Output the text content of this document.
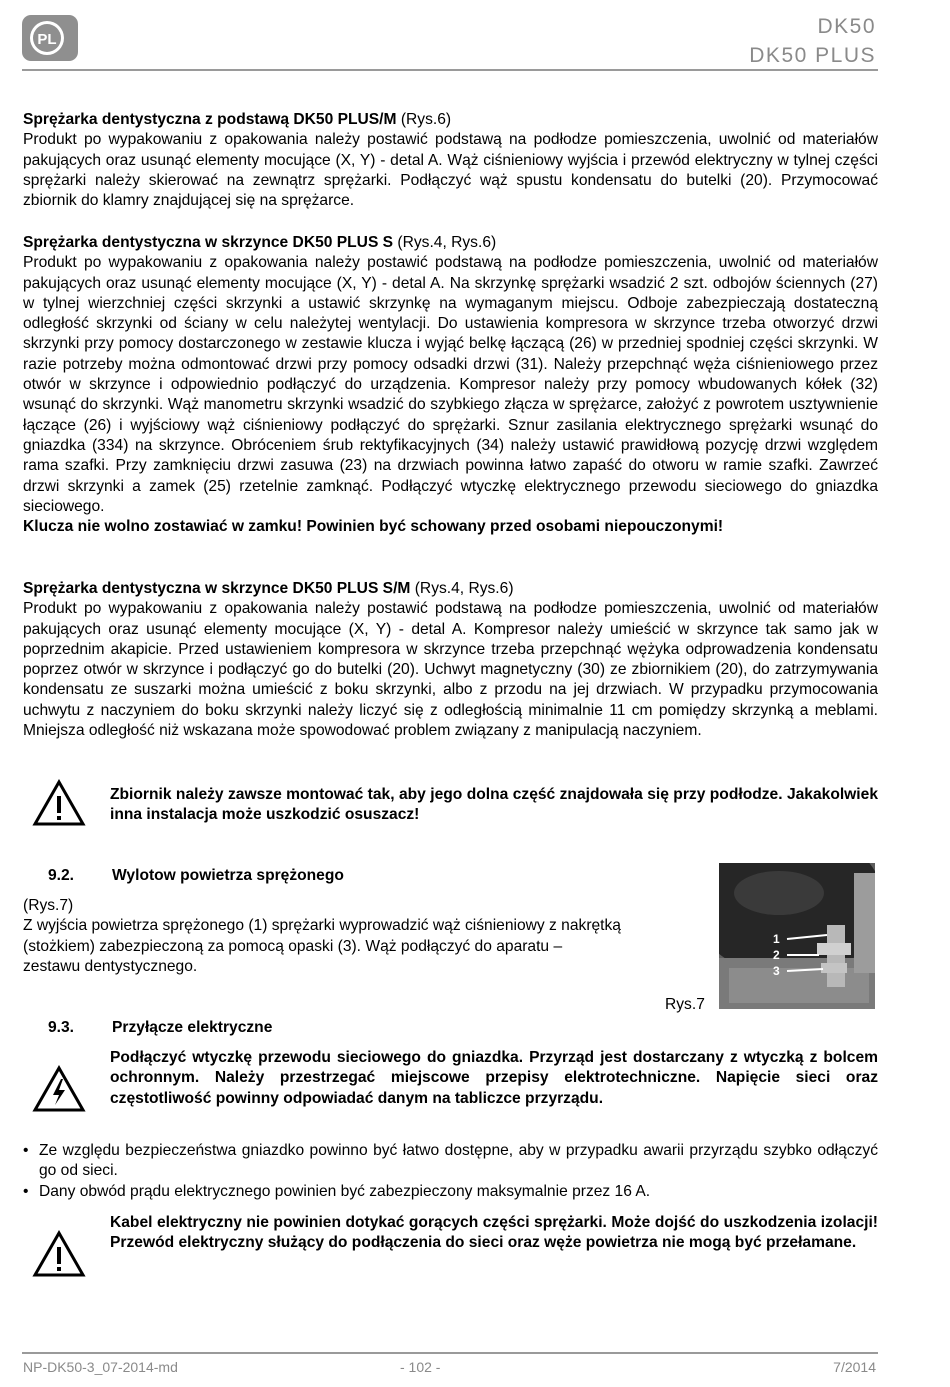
PL
DK50
DK50 PLUS

Sprężarka dentystyczna z podstawą DK50 PLUS/M (Rys.6)

Produkt po wypakowaniu z opakowania należy postawić podstawą na podłodze pomieszczenia, uwolnić od materiałów pakujących oraz usunąć elementy mocujące (X, Y) - detal A. Wąż ciśnieniowy wyjścia i przewód elektryczny w tylnej części sprężarki należy skierować na zewnątrz sprężarki. Podłączyć wąż spustu kondensatu do butelki (20). Przymocować zbiornik do klamry znajdującej się na sprężarce.

Sprężarka dentystyczna w skrzynce DK50 PLUS S (Rys.4, Rys.6)

Produkt po wypakowaniu z opakowania należy postawić podstawą na podłodze pomieszczenia, uwolnić od materiałów pakujących oraz usunąć elementy mocujące (X, Y) - detal A. Na skrzynkę sprężarki wsadzić 2 szt. odbojów ściennych (27) w tylnej wierzchniej części skrzynki a ustawić skrzynkę na wymaganym miejscu. Odboje zabezpieczają dostateczną odległość skrzynki od ściany w celu należytej wentylacji. Do ustawienia kompresora w skrzynce trzeba otworzyć drzwi skrzynki przy pomocy dostarczonego w zestawie klucza i wyjąć belkę łączącą (26) w przedniej spodniej części skrzynki. W razie potrzeby można odmontować drzwi przy pomocy odsadki drzwi (31). Należy przepchnąć węża ciśnieniowego przez otwór w skrzynce i odpowiednio podłączyć do urządzenia. Kompresor należy przy pomocy wbudowanych kółek (32) wsunąć do skrzynki. Wąż manometru skrzynki wsadzić do szybkiego złącza w sprężarce, założyć z powrotem usztywnienie łączące (26) i wyjściowy wąż ciśnieniowy podłączyć do sprężarki. Sznur zasilania elektrycznego sprężarki wsunąć do gniazdka (334) na skrzynce. Obróceniem śrub rektyfikacyjnych (34) należy ustawić prawidłową pozycję drzwi względem rama szafki. Przy zamknięciu drzwi zasuwa (23) na drzwiach powinna łatwo zapaść do otworu w ramie szafki. Zawrzeć drzwi skrzynki a zamek (25) rzetelnie zamknąć. Podłączyć wtyczkę elektrycznego przewodu sieciowego do gniazdka sieciowego.

Klucza nie wolno zostawiać w zamku! Powinien być schowany przed osobami niepouczonymi!

Sprężarka dentystyczna w skrzynce DK50 PLUS S/M (Rys.4, Rys.6)

Produkt po wypakowaniu z opakowania należy postawić podstawą na podłodze pomieszczenia, uwolnić od materiałów pakujących oraz usunąć elementy mocujące (X, Y) - detal A. Kompresor należy umieścić w skrzynce tak samo jak w poprzednim akapicie. Przed ustawieniem kompresora w skrzynce trzeba przepchnąć wężyka odprowadzenia kondensatu poprzez otwór w skrzynce i podłączyć go do butelki (20). Uchwyt magnetyczny (30) ze zbiornikiem (20), do zatrzymywania kondensatu ze suszarki można umieścić z boku skrzynki, albo z przodu na jej drzwiach. W przypadku przymocowania uchwytu z naczyniem do boku skrzynki należy liczyć się z odległością minimalnie 11 cm pomiędzy skrzynką a meblami. Mniejsza odległość niż wskazana może spowodować problem związany z manipulacją naczyniem.

Zbiornik należy zawsze montować tak, aby jego dolna część znajdowała się przy podłodze. Jakakolwiek inna instalacja może uszkodzić osuszacz!
9.2. Wylotow powietrza sprężonego

(Rys.7)

Z wyjścia powietrza sprężonego (1) sprężarki wyprowadzić wąż ciśnieniowy z nakrętką (stożkiem) zabezpieczoną za pomocą opaski (3). Wąż podłączyć do aparatu – zestawu dentystycznego.

1
2
3
Rys.7
9.3. Przyłącze elektryczne
Podłączyć wtyczkę przewodu sieciowego do gniazdka. Przyrząd jest dostarczany z wtyczką z bolcem ochronnym. Należy przestrzegać miejscowe przepisy elektrotechniczne. Napięcie sieci oraz częstotliwość powinny odpowiadać danym na tabliczce przyrządu.
• Ze względu bezpieczeństwa gniazdko powinno być łatwo dostępne, aby w przypadku awarii przyrządu szybko odłączyć go od sieci.
• Dany obwód prądu elektrycznego powinien być zabezpieczony maksymalnie przez 16 A.
Kabel elektryczny nie powinien dotykać gorących części sprężarki. Może dojść do uszkodzenia izolacji! Przewód elektryczny służący do podłączenia do sieci oraz węże powietrza nie mogą być przełamane.
NP-DK50-3_07-2014-md	- 102 -	7/2014
